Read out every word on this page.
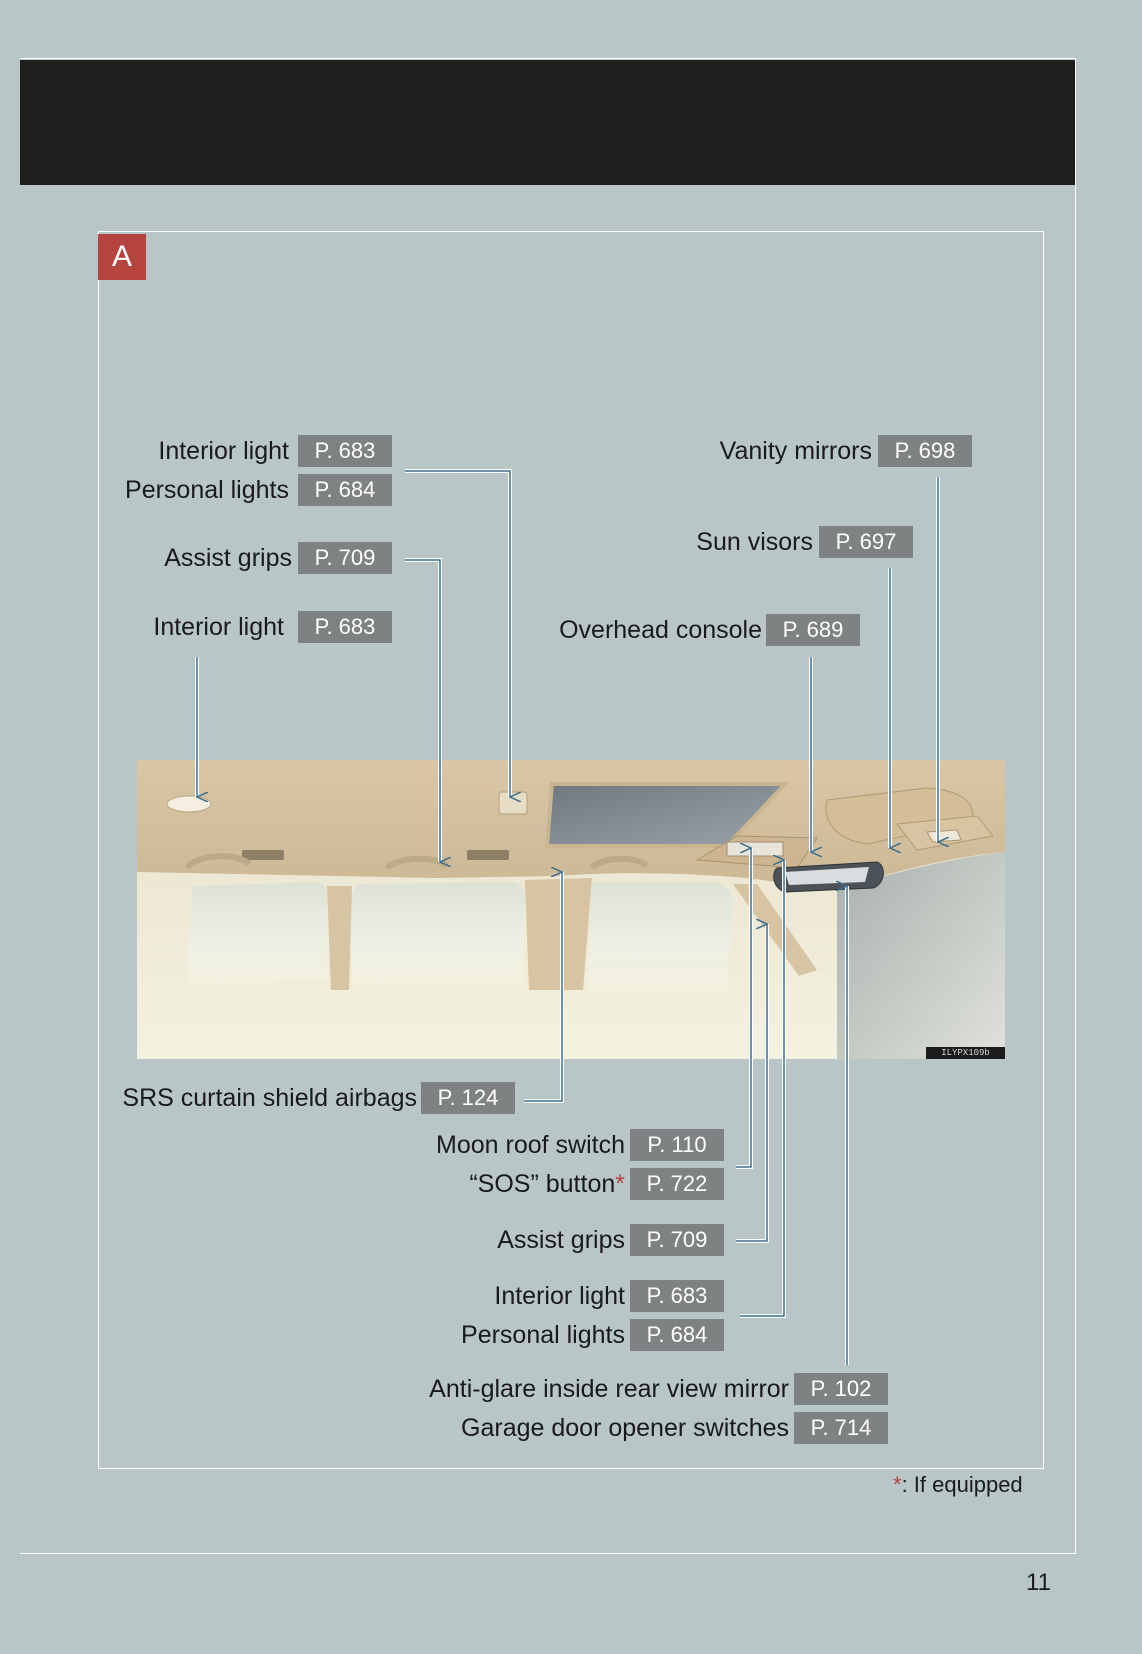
A
ILYPX109b
Interior light	P. 683
Personal lights	P. 684
Assist grips	P. 709
Interior light	P. 683
Vanity mirrors	P. 698
Sun visors	P. 697
Overhead console P. 689
SRS curtain shield airbags P. 124
Moon roof switch	P. 110
“SOS” button* P. 722
Assist grips P. 709
Interior light P. 683
Personal lights P. 684
Anti-glare inside rear view mirror P. 102
Garage door opener switches P. 714
*: If equipped
11
